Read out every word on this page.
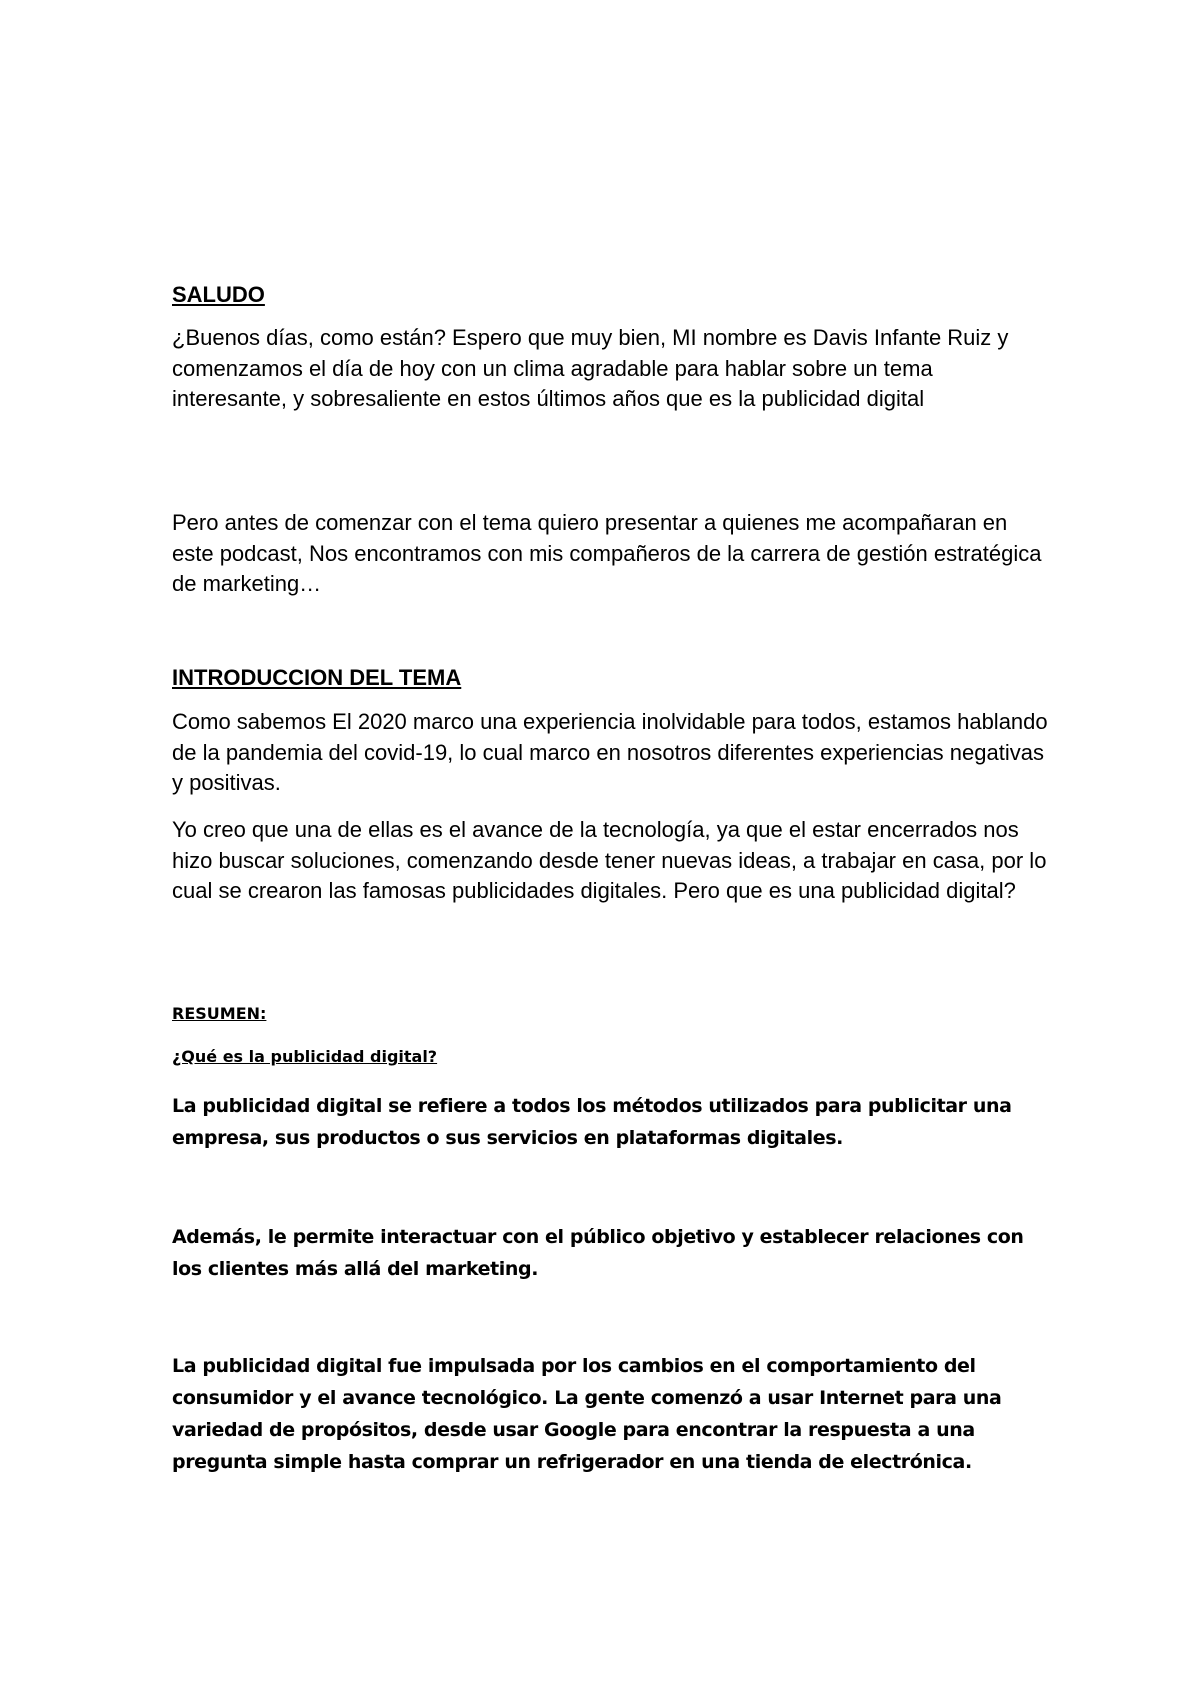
SALUDO

¿Buenos días, como están? Espero que muy bien, MI nombre es Davis Infante Ruiz y comenzamos el día de hoy con un clima agradable para hablar sobre un tema interesante, y sobresaliente en estos últimos años que es la publicidad digital

Pero antes de comenzar con el tema quiero presentar a quienes me acompañaran en este podcast, Nos encontramos con mis compañeros de la carrera de gestión estratégica de marketing…

INTRODUCCION DEL TEMA

Como sabemos El 2020 marco una experiencia inolvidable para todos, estamos hablando de la pandemia del covid-19, lo cual marco en nosotros diferentes experiencias negativas y positivas.

Yo creo que una de ellas es el avance de la tecnología, ya que el estar encerrados nos hizo buscar soluciones, comenzando desde tener nuevas ideas, a trabajar en casa, por lo cual se crearon las famosas publicidades digitales. Pero que es una publicidad digital?

RESUMEN:

¿Qué es la publicidad digital?

La publicidad digital se refiere a todos los métodos utilizados para publicitar una empresa, sus productos o sus servicios en plataformas digitales.

Además, le permite interactuar con el público objetivo y establecer relaciones con los clientes más allá del marketing.

La publicidad digital fue impulsada por los cambios en el comportamiento del consumidor y el avance tecnológico. La gente comenzó a usar Internet para una variedad de propósitos, desde usar Google para encontrar la respuesta a una pregunta simple hasta comprar un refrigerador en una tienda de electrónica.
